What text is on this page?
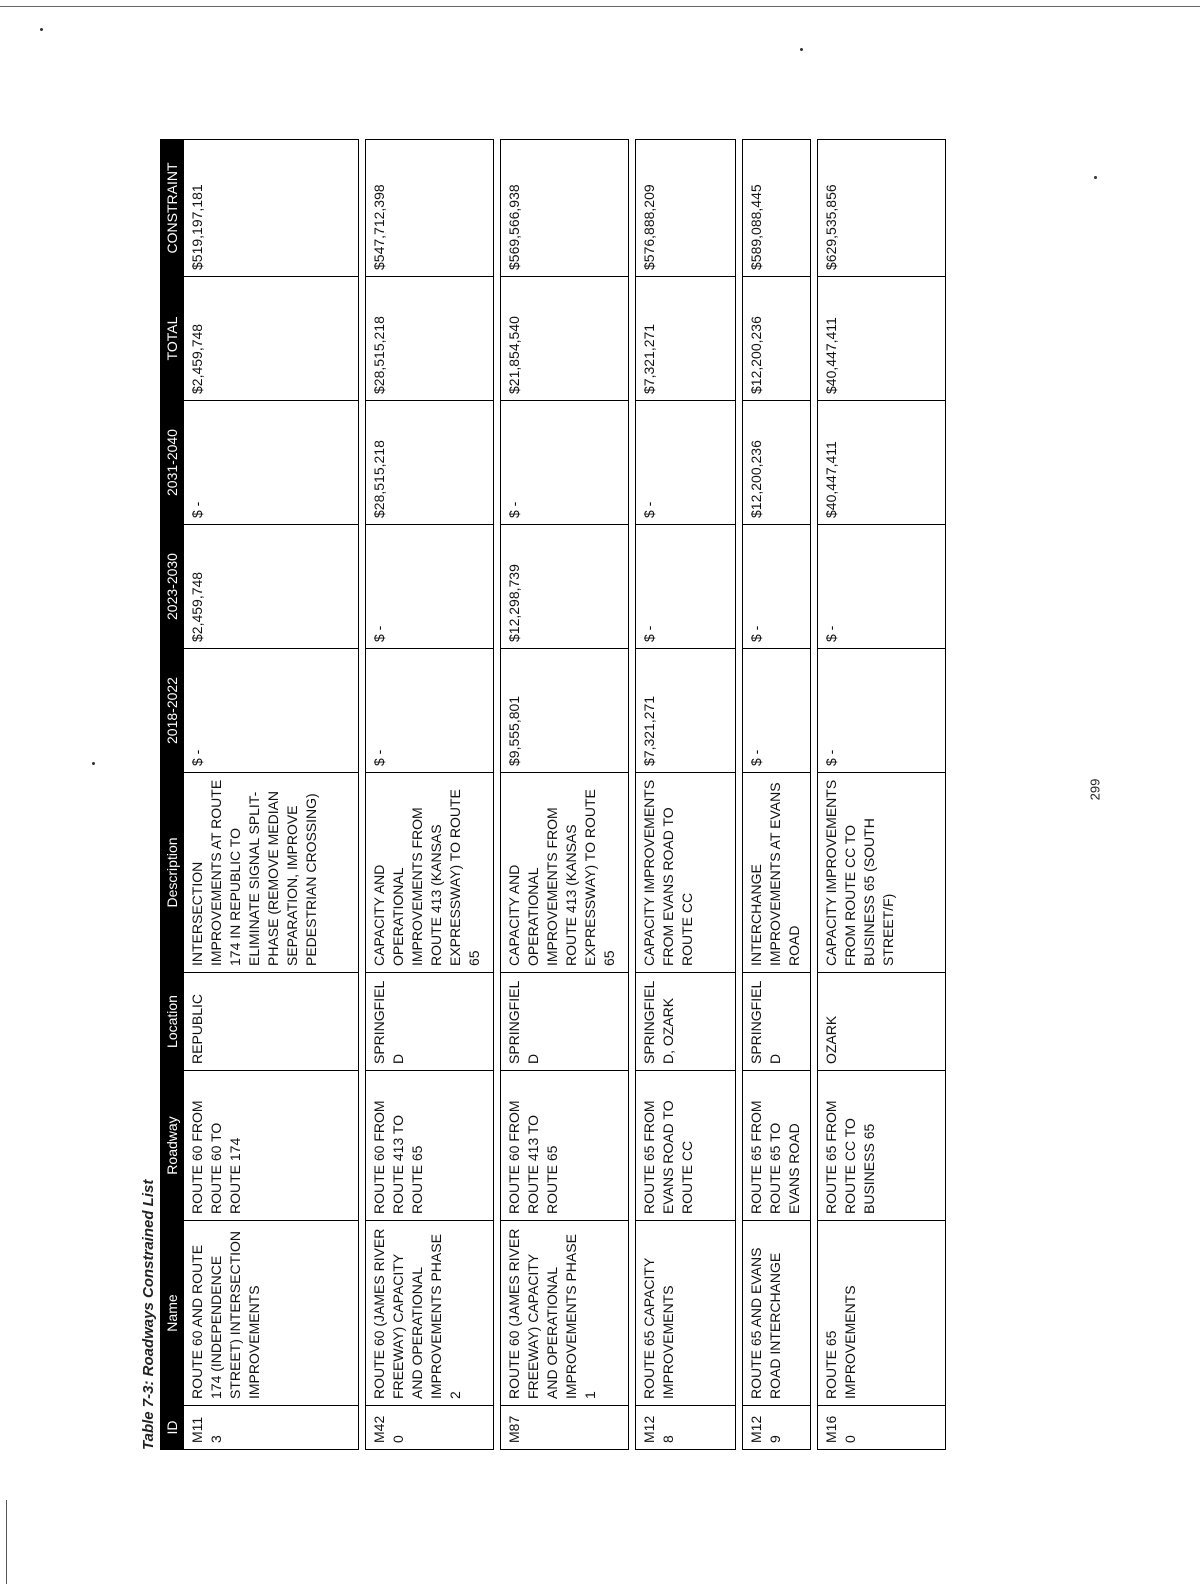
Table 7-3: Roadways Constrained List ID	Name	Roadway	Location	Description	2018-2022	2023-2030	2031-2040	TOTAL	CONSTRAINT
M113	ROUTE 60 AND ROUTE 174 (INDEPENDENCE STREET) INTERSECTION IMPROVEMENTS	ROUTE 60 FROM ROUTE 60 TO ROUTE 174	REPUBLIC	INTERSECTION IMPROVEMENTS AT ROUTE 174 IN REPUBLIC TO ELIMINATE SIGNAL SPLIT-PHASE (REMOVE MEDIAN SEPARATION, IMPROVE PEDESTRIAN CROSSING)	$ -	$2,459,748	$ -	$2,459,748	$519,197,181

M420	ROUTE 60 (JAMES RIVER FREEWAY) CAPACITY AND OPERATIONAL IMPROVEMENTS PHASE 2	ROUTE 60 FROM ROUTE 413 TO ROUTE 65	SPRINGFIELD	CAPACITY AND OPERATIONAL IMPROVEMENTS FROM ROUTE 413 (KANSAS EXPRESSWAY) TO ROUTE 65	$ -	$ -	$28,515,218	$28,515,218	$547,712,398

M87	ROUTE 60 (JAMES RIVER FREEWAY) CAPACITY AND OPERATIONAL IMPROVEMENTS PHASE 1	ROUTE 60 FROM ROUTE 413 TO ROUTE 65	SPRINGFIELD	CAPACITY AND OPERATIONAL IMPROVEMENTS FROM ROUTE 413 (KANSAS EXPRESSWAY) TO ROUTE 65	$9,555,801	$12,298,739	$ -	$21,854,540	$569,566,938

M128	ROUTE 65 CAPACITY IMPROVEMENTS	ROUTE 65 FROM EVANS ROAD TO ROUTE CC	SPRINGFIELD, OZARK	CAPACITY IMPROVEMENTS FROM EVANS ROAD TO ROUTE CC	$7,321,271	$ -	$ -	$7,321,271	$576,888,209

M129	ROUTE 65 AND EVANS ROAD INTERCHANGE	ROUTE 65 FROM ROUTE 65 TO EVANS ROAD	SPRINGFIELD	INTERCHANGE IMPROVEMENTS AT EVANS ROAD	$ -	$ -	$12,200,236	$12,200,236	$589,088,445

M160	ROUTE 65 IMPROVEMENTS	ROUTE 65 FROM ROUTE CC TO BUSINESS 65	OZARK	CAPACITY IMPROVEMENTS FROM ROUTE CC TO BUSINESS 65 (SOUTH STREET/F)	$ -	$ -	$40,447,411	$40,447,411	$629,535,856
299
